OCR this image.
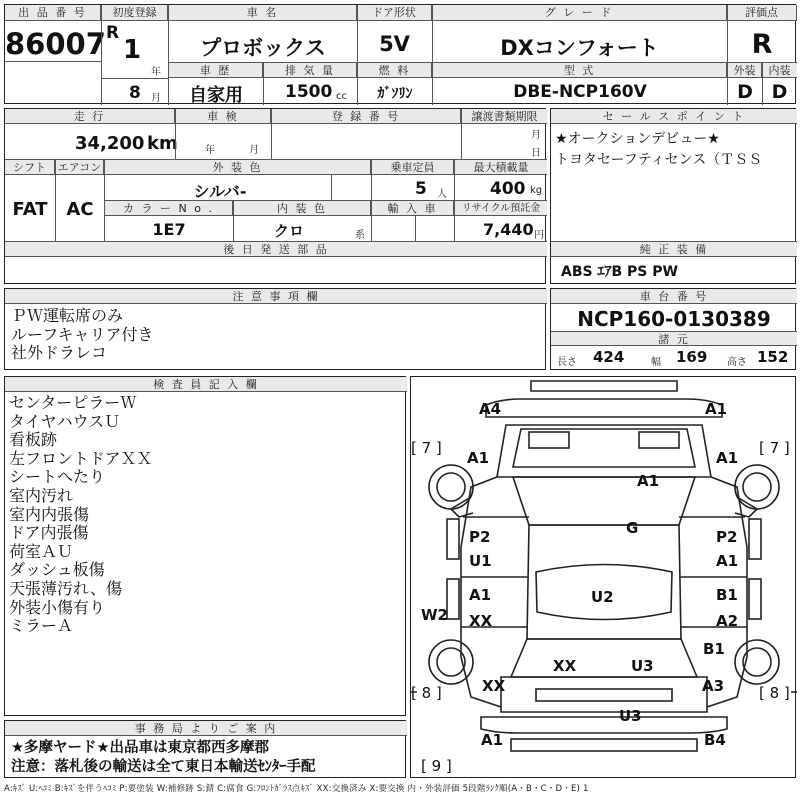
出 品 番 号
86007
初度登録
R
1
年
8 月
車 名
プロボックス
ドア形状
5V
グ レ ー ド
DXコンフォート
評価点
R
車 歴
自家用
排 気 量
1500 cc
燃 料
ｶﾞｿﾘﾝ
型 式
DBE-NCP160V
外装	内装
D D
走 行
34,200 km
車 検
年	月
登 録 番 号	譲渡書類期限
月
日
シフト
FAT
エアコン
AC
外 装 色
シルバ-
乗車定員
5 人
最大積載量
400 kg
カ ラ ー N o .
1E7
内 装 色
クロ	系
輸 入 車	リサイクル預託金
7,440 円
後 日 発 送 部 品
セ ー ル ス ポ イ ン ト
★オークションデビュー★
トヨタセーフティセンス（ＴＳＳ
純 正 装 備
ABS ｴｱB PS PW
注 意 事 項 欄
ＰＷ運転席のみ
ルーフキャリア付き
社外ドラレコ
車 台 番 号
NCP160-0130389
諸 元
長さ 424	幅 169 高さ 152
検 査 員 記 入 欄
センターピラーＷ
タイヤハウスＵ
看板跡
左フロントドアＸＸ
シートへたり
室内汚れ
室内内張傷
ドア内張傷
荷室ＡＵ
ダッシュ板傷
天張薄汚れ、傷
外装小傷有り
ミラーＡ
事 務 局 よ り ご 案 内
★多摩ヤード★出品車は東京都西多摩郡
注意：落札後の輸送は全て東日本輸送ｾﾝﾀｰ手配
A4	A1
[ 7 ]	[ 7 ]
A1	A1
A1
G
P2	P2
U1	A1
U2
A1	B1
W2 XX	A2
B1
XX	U3
XX	A3
[ 8 ]	[ 8 ]
U3
A1	B4
[ 9 ]
A:ｷｽﾞ U:ﾍｺﾐ B:ｷｽﾞを伴うﾍｺﾐ P:要塗装 W:補修跡 S:錆 C:腐食 G:ﾌﾛﾝﾄｶﾞﾗｽ点ｷｽﾞ XX:交換済み X:要交換 内・外装評価 5段階ﾗﾝｸ順(A・B・C・D・E) 1
